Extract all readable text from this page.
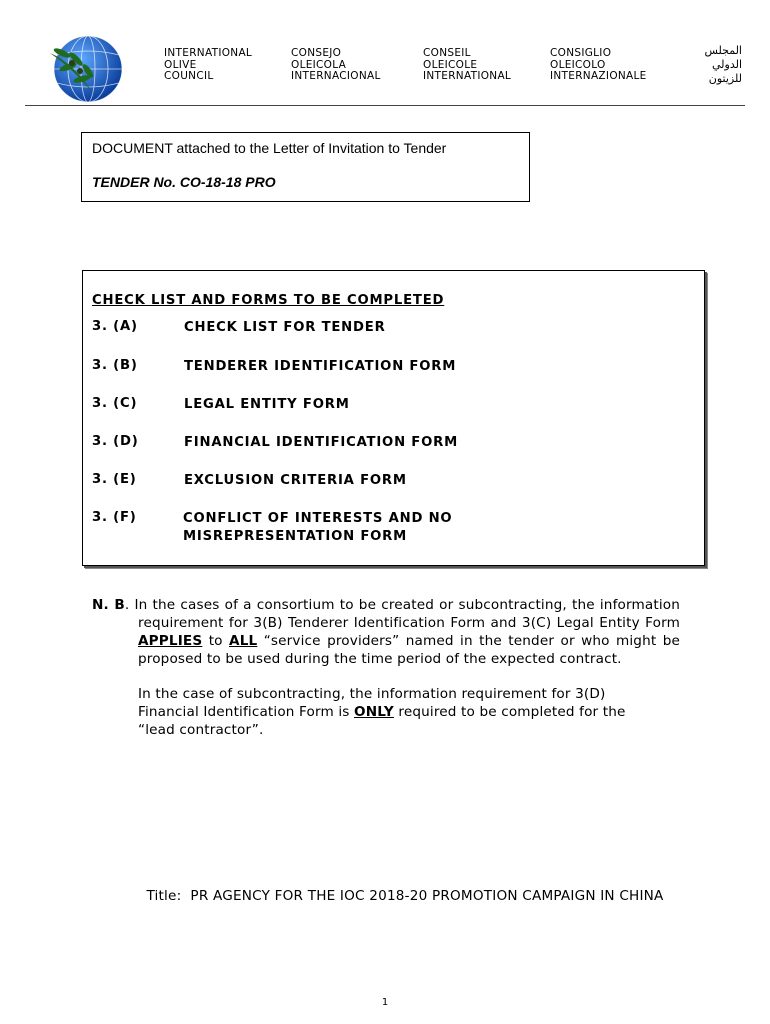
INTERNATIONAL
OLIVE
COUNCIL
CONSEJO
OLEICOLA
INTERNACIONAL
CONSEIL
OLEICOLE
INTERNATIONAL
CONSIGLIO
OLEICOLO
INTERNAZIONALE
المجلس
الدولي
للزيتون
DOCUMENT attached to the Letter of Invitation to Tender
TENDER No. CO-18-18 PRO
CHECK LIST AND FORMS TO BE COMPLETED
3. (A)	CHECK LIST FOR TENDER
3. (B)	TENDERER IDENTIFICATION FORM
3. (C)	LEGAL ENTITY FORM
3. (D)	FINANCIAL IDENTIFICATION FORM
3. (E)	EXCLUSION CRITERIA FORM
3. (F)	CONFLICT OF INTERESTS AND NO
MISREPRESENTATION FORM

N. B. In the cases of a consortium to be created or subcontracting, the information requirement for 3(B) Tenderer Identification Form and 3(C) Legal Entity Form APPLIES to ALL “service providers” named in the tender or who might be proposed to be used during the time period of the expected contract.

In the case of subcontracting, the information requirement for 3(D) Financial Identification Form is ONLY required to be completed for the “lead contractor”.

Title: PR AGENCY FOR THE IOC 2018-20 PROMOTION CAMPAIGN IN CHINA
1
